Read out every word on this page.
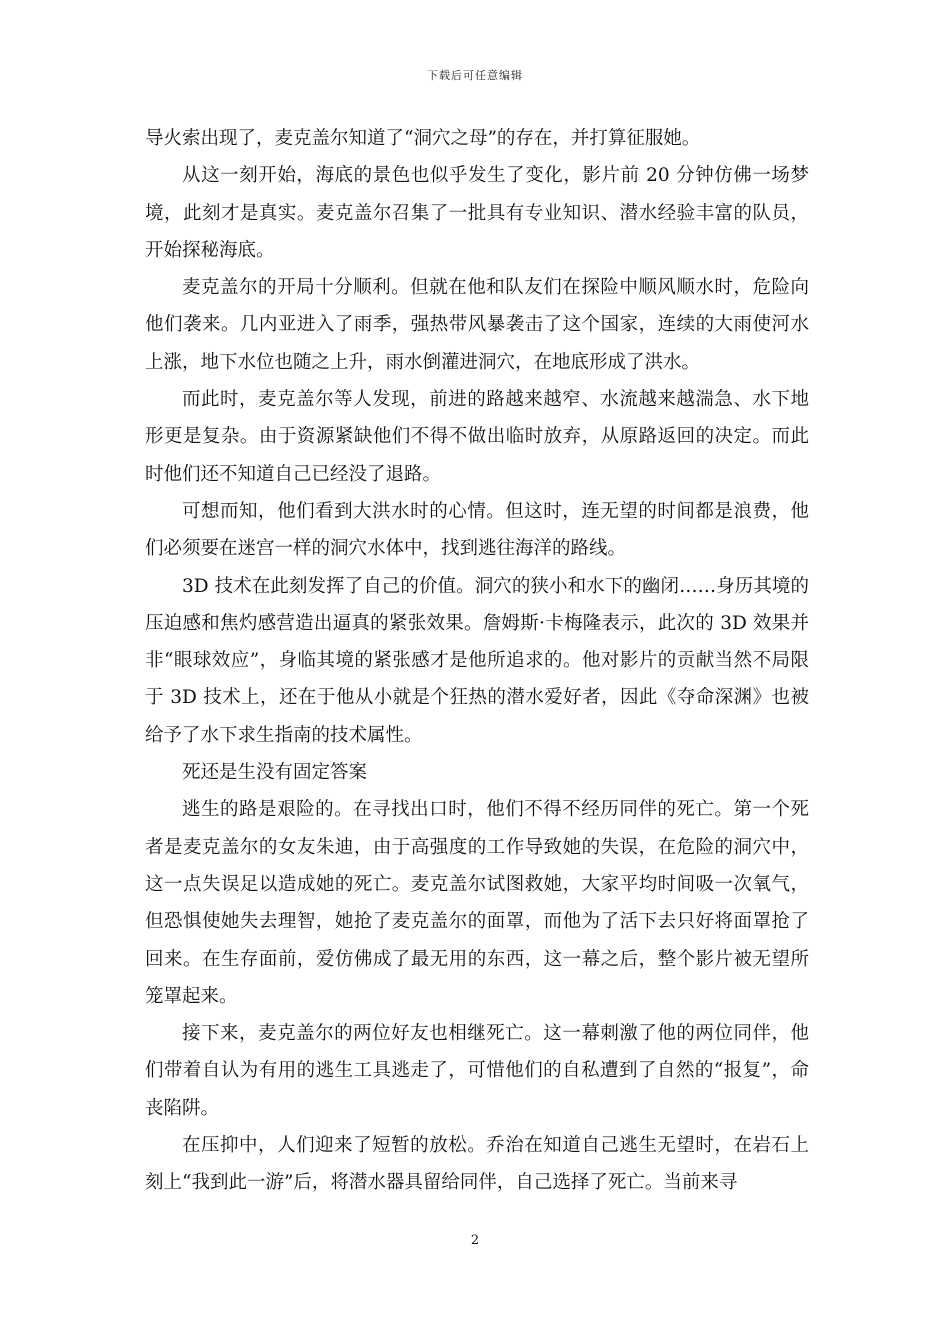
下载后可任意编辑

导火索出现了，麦克盖尔知道了“洞穴之母”的存在，并打算征服她。

从这一刻开始，海底的景色也似乎发生了变化，影片前 20 分钟仿佛一场梦境，此刻才是真实。麦克盖尔召集了一批具有专业知识、潜水经验丰富的队员，开始探秘海底。

麦克盖尔的开局十分顺利。但就在他和队友们在探险中顺风顺水时，危险向他们袭来。几内亚进入了雨季，强热带风暴袭击了这个国家，连续的大雨使河水上涨，地下水位也随之上升，雨水倒灌进洞穴，在地底形成了洪水。

而此时，麦克盖尔等人发现，前进的路越来越窄、水流越来越湍急、水下地形更是复杂。由于资源紧缺他们不得不做出临时放弃，从原路返回的决定。而此时他们还不知道自己已经没了退路。

可想而知，他们看到大洪水时的心情。但这时，连无望的时间都是浪费，他们必须要在迷宫一样的洞穴水体中，找到逃往海洋的路线。

3D 技术在此刻发挥了自己的价值。洞穴的狭小和水下的幽闭……身历其境的压迫感和焦灼感营造出逼真的紧张效果。詹姆斯·卡梅隆表示，此次的 3D 效果并非“眼球效应”，身临其境的紧张感才是他所追求的。他对影片的贡献当然不局限于 3D 技术上，还在于他从小就是个狂热的潜水爱好者，因此《夺命深渊》也被给予了水下求生指南的技术属性。

死还是生没有固定答案

逃生的路是艰险的。在寻找出口时，他们不得不经历同伴的死亡。第一个死者是麦克盖尔的女友朱迪，由于高强度的工作导致她的失误，在危险的洞穴中，这一点失误足以造成她的死亡。麦克盖尔试图救她，大家平均时间吸一次氧气，但恐惧使她失去理智，她抢了麦克盖尔的面罩，而他为了活下去只好将面罩抢了回来。在生存面前，爱仿佛成了最无用的东西，这一幕之后，整个影片被无望所笼罩起来。

接下来，麦克盖尔的两位好友也相继死亡。这一幕刺激了他的两位同伴，他们带着自认为有用的逃生工具逃走了，可惜他们的自私遭到了自然的“报复”，命丧陷阱。

在压抑中，人们迎来了短暂的放松。乔治在知道自己逃生无望时，在岩石上刻上“我到此一游”后，将潜水器具留给同伴，自己选择了死亡。当前来寻

2
